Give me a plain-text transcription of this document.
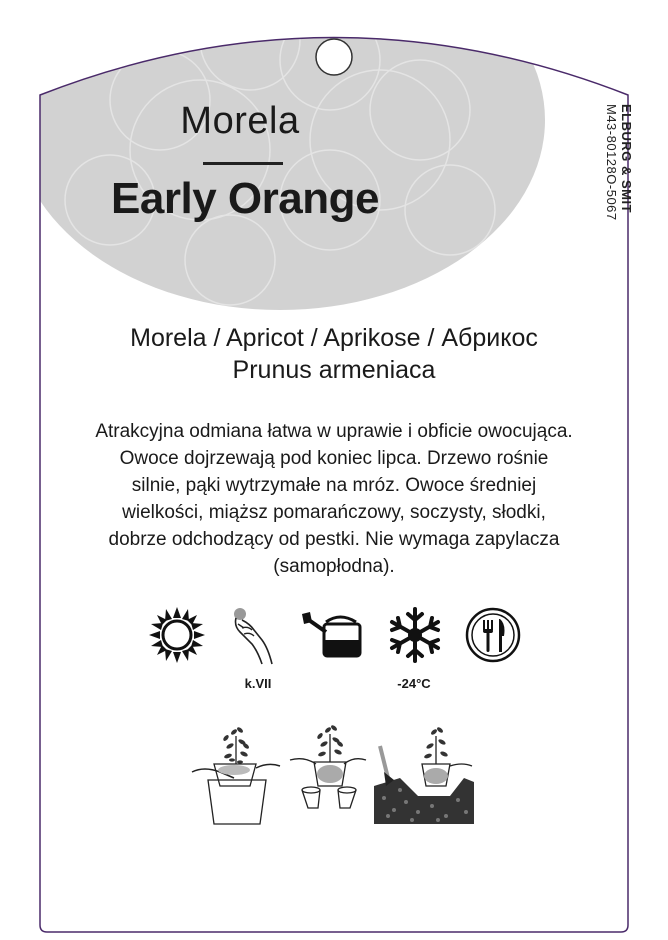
Morela
Early Orange	ELBURG & SMIT
M43-80128O-5067
Morela / Apricot / Aprikose / Абрикос
Prunus armeniaca
Atrakcyjna odmiana łatwa w uprawie i obficie owocująca.
Owoce dojrzewają pod koniec lipca. Drzewo rośnie
silnie, pąki wytrzymałe na mróz. Owoce średniej
wielkości, miąższ pomarańczowy, soczysty, słodki,
dobrze odchodzący od pestki. Nie wymaga zapylacza
(samopłodna).
k.VII	-24°C
